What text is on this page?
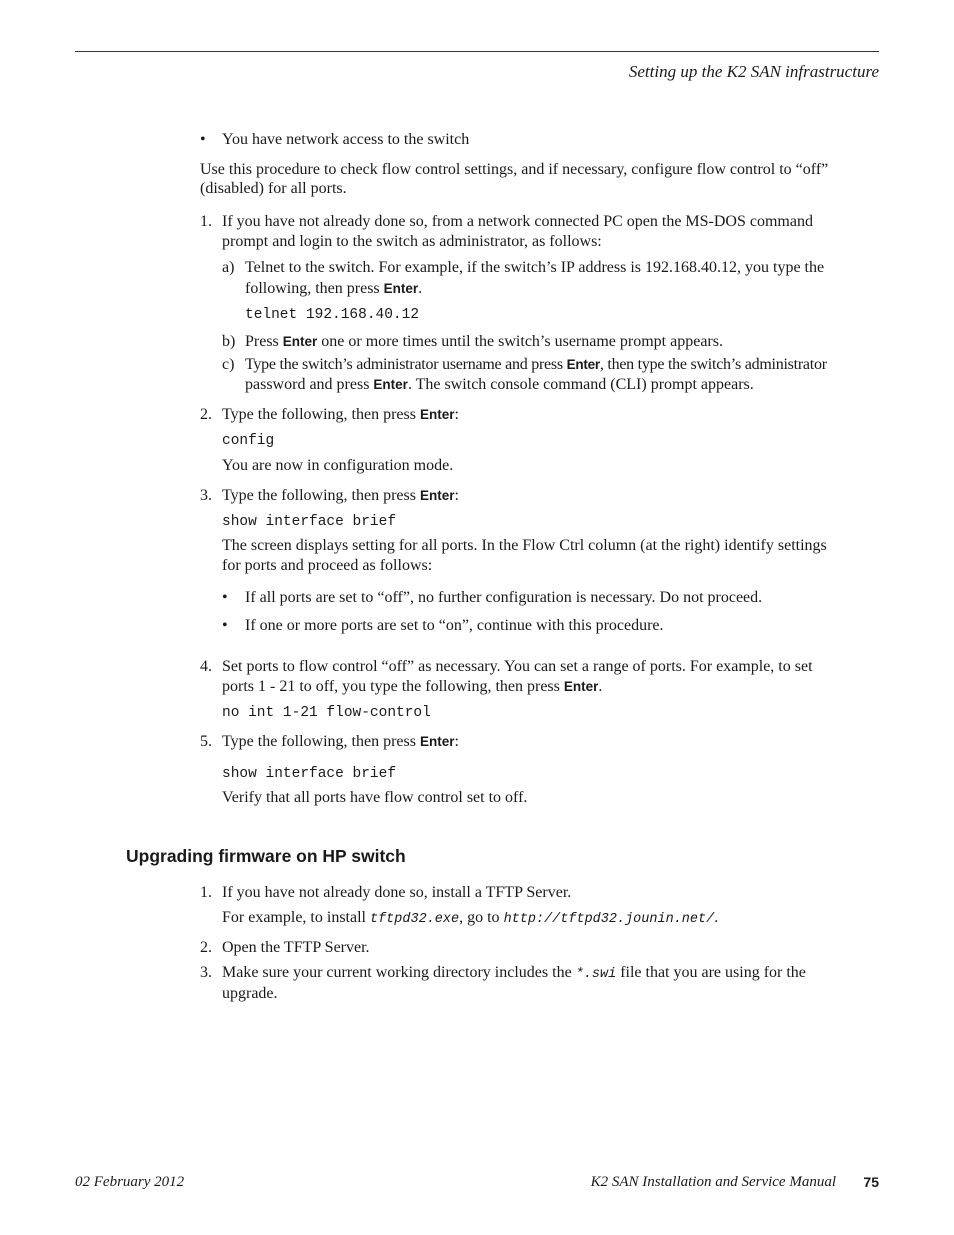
Setting up the K2 SAN infrastructure
• You have network access to the switch
Use this procedure to check flow control settings, and if necessary, configure flow control to “off”
(disabled) for all ports.
1. If you have not already done so, from a network connected PC open the MS-DOS command
prompt and login to the switch as administrator, as follows:
a) Telnet to the switch. For example, if the switch’s IP address is 192.168.40.12, you type the
following, then press Enter.
telnet 192.168.40.12
b) Press Enter one or more times until the switch’s username prompt appears.
c) Type the switch’s administrator username and press Enter, then type the switch’s administrator
password and press Enter. The switch console command (CLI) prompt appears.
2. Type the following, then press Enter:
config
You are now in configuration mode.
3. Type the following, then press Enter:
show interface brief
The screen displays setting for all ports. In the Flow Ctrl column (at the right) identify settings
for ports and proceed as follows:
• If all ports are set to “off”, no further configuration is necessary. Do not proceed.
• If one or more ports are set to “on”, continue with this procedure.
4. Set ports to flow control “off” as necessary. You can set a range of ports. For example, to set
ports 1 - 21 to off, you type the following, then press Enter.
no int 1-21 flow-control
5. Type the following, then press Enter:
show interface brief
Verify that all ports have flow control set to off.
Upgrading firmware on HP switch
1. If you have not already done so, install a TFTP Server.
For example, to install tftpd32.exe, go to http://tftpd32.jounin.net/.
2. Open the TFTP Server.
3. Make sure your current working directory includes the *.swi file that you are using for the
upgrade.
02 February 2012	K2 SAN Installation and Service Manual 75
